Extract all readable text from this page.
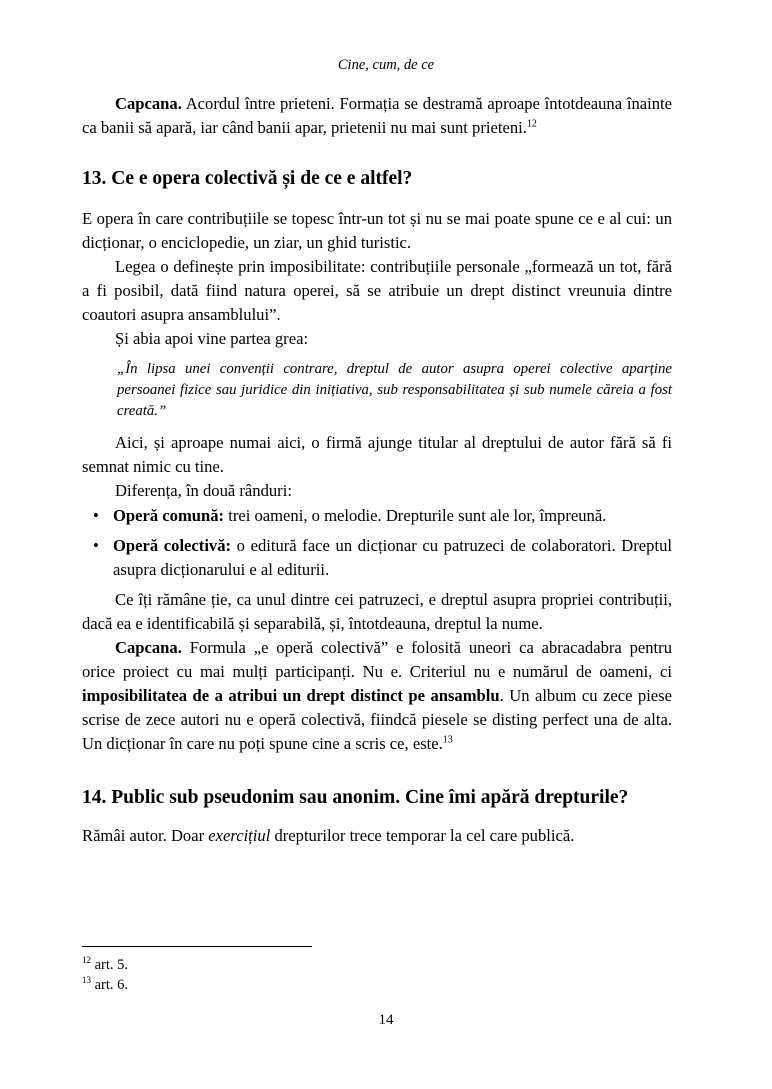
Cine, cum, de ce

Capcana. Acordul între prieteni. Formația se destramă aproape întotdeauna înainte ca banii să apară, iar când banii apar, prietenii nu mai sunt prieteni.$^{12}$

13. Ce e opera colectivă și de ce e altfel?

E opera în care contribuțiile se topesc într-un tot și nu se mai poate spune ce e al cui: un dicționar, o enciclopedie, un ziar, un ghid turistic.

Legea o definește prin imposibilitate: contribuțiile personale „formează un tot, fără a fi posibil, dată fiind natura operei, să se atribuie un drept distinct vreunuia dintre coautori asupra ansamblului”.

Și abia apoi vine partea grea:

„În lipsa unei convenții contrare, dreptul de autor asupra operei colective aparține persoanei fizice sau juridice din inițiativa, sub responsabilitatea și sub numele căreia a fost creată.”

Aici, și aproape numai aici, o firmă ajunge titular al dreptului de autor fără să fi semnat nimic cu tine.

Diferența, în două rânduri:

• Operă comună: trei oameni, o melodie. Drepturile sunt ale lor, împreună.
• Operă colectivă: o editură face un dicționar cu patruzeci de colaboratori. Dreptul asupra dicționarului e al editurii.

Ce îți rămâne ție, ca unul dintre cei patruzeci, e dreptul asupra propriei contribuții, dacă ea e identificabilă și separabilă, și, întotdeauna, dreptul la nume.

Capcana. Formula „e operă colectivă” e folosită uneori ca abracadabra pentru orice proiect cu mai mulți participanți. Nu e. Criteriul nu e numărul de oameni, ci imposibilitatea de a atribui un drept distinct pe ansamblu. Un album cu zece piese scrise de zece autori nu e operă colectivă, fiindcă piesele se disting perfect una de alta. Un dicționar în care nu poți spune cine a scris ce, este.$^{13}$

14. Public sub pseudonim sau anonim. Cine îmi apără drepturile?

Rămâi autor. Doar exercițiul drepturilor trece temporar la cel care publică.

$^{12}$ art. 5.
$^{13}$ art. 6.
14
